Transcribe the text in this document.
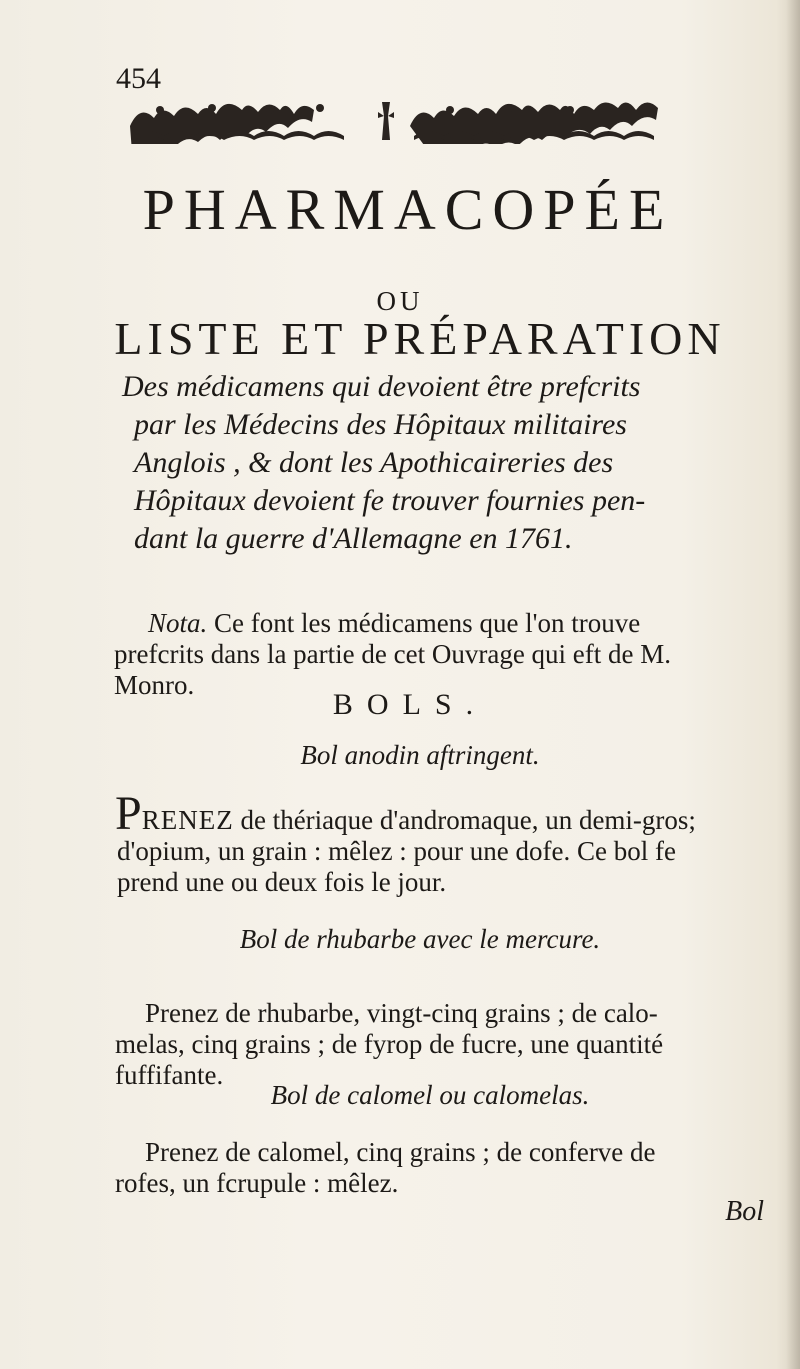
454
PHARMACOPÉE
OU
LISTE ET PRÉPARATION
Des médicamens qui devoient être prefcrits
par les Médecins des Hôpitaux militaires
Anglois , & dont les Apothicaireries des
Hôpitaux devoient fe trouver fournies pen-
dant la guerre d'Allemagne en 1761.
Nota. Ce font les médicamens que l'on trouve
prefcrits dans la partie de cet Ouvrage qui eft de M.
Monro.
BOLS.
Bol anodin aftringent.
PRENEZ de thériaque d'andromaque, un demi-gros;
d'opium, un grain : mêlez : pour une dofe. Ce bol fe
prend une ou deux fois le jour.
Bol de rhubarbe avec le mercure.
Prenez de rhubarbe, vingt-cinq grains ; de calo-
melas, cinq grains ; de fyrop de fucre, une quantité
fuffifante.
Bol de calomel ou calomelas.
Prenez de calomel, cinq grains ; de conferve de
rofes, un fcrupule : mêlez.
Bol
